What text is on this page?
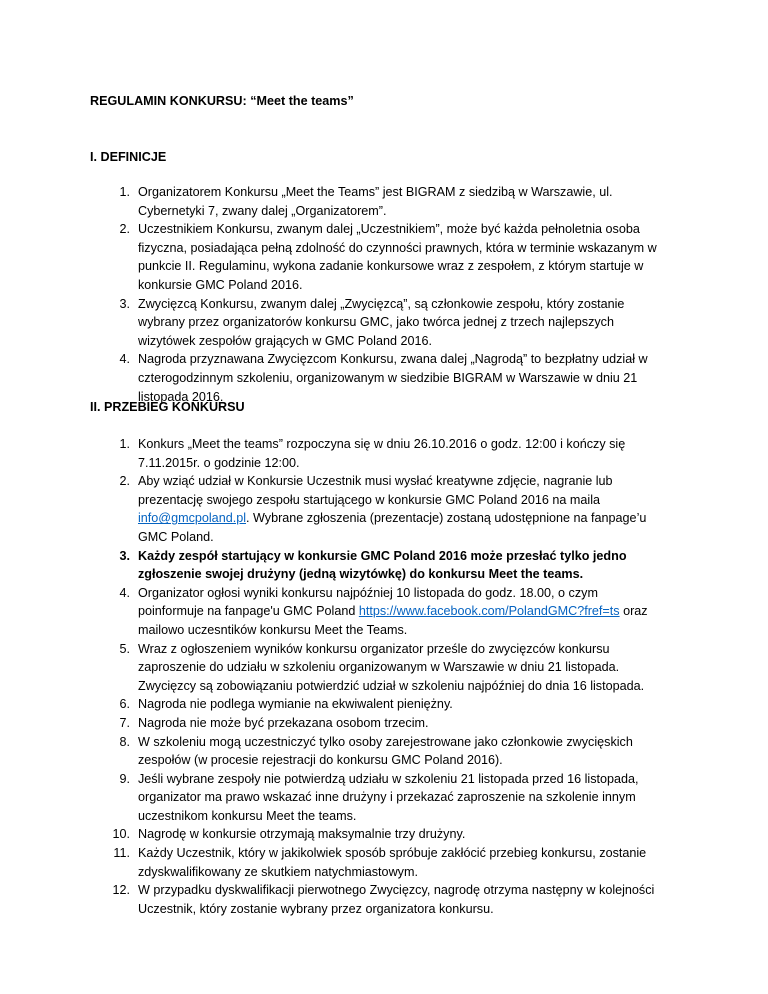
REGULAMIN KONKURSU: “Meet the teams”

I. DEFINICJE

1. Organizatorem Konkursu „Meet the Teams” jest BIGRAM z siedzibą w Warszawie, ul.
Cybernetyki 7, zwany dalej „Organizatorem”.
2. Uczestnikiem Konkursu, zwanym dalej „Uczestnikiem”, może być każda pełnoletnia osoba
fizyczna, posiadająca pełną zdolność do czynności prawnych, która w terminie wskazanym w
punkcie II. Regulaminu, wykona zadanie konkursowe wraz z zespołem, z którym startuje w
konkursie GMC Poland 2016.
3. Zwycięzcą Konkursu, zwanym dalej „Zwycięzcą”, są członkowie zespołu, który zostanie
wybrany przez organizatorów konkursu GMC, jako twórca jednej z trzech najlepszych
wizytówek zespołów grających w GMC Poland 2016.
4. Nagroda przyznawana Zwycięzcom Konkursu, zwana dalej „Nagrodą” to bezpłatny udział w
czterogodzinnym szkoleniu, organizowanym w siedzibie BIGRAM w Warszawie w dniu 21
listopada 2016.

II. PRZEBIEG KONKURSU

1. Konkurs „Meet the teams” rozpoczyna się w dniu 26.10.2016 o godz. 12:00 i kończy się
7.11.2015r. o godzinie 12:00.
2. Aby wziąć udział w Konkursie Uczestnik musi wysłać kreatywne zdjęcie, nagranie lub
prezentację swojego zespołu startującego w konkursie GMC Poland 2016 na maila
info@gmcpoland.pl. Wybrane zgłoszenia (prezentacje) zostaną udostępnione na fanpage’u
GMC Poland.
3. Każdy zespół startujący w konkursie GMC Poland 2016 może przesłać tylko jedno
zgłoszenie swojej drużyny (jedną wizytówkę) do konkursu Meet the teams.
4. Organizator ogłosi wyniki konkursu najpóźniej 10 listopada do godz. 18.00, o czym
poinformuje na fanpage'u GMC Poland https://www.facebook.com/PolandGMC?fref=ts oraz
mailowo uczesntików konkursu Meet the Teams.
5. Wraz z ogłoszeniem wyników konkursu organizator prześle do zwycięzców konkursu
zaproszenie do udziału w szkoleniu organizowanym w Warszawie w dniu 21 listopada.
Zwycięzcy są zobowiązaniu potwierdzić udział w szkoleniu najpóźniej do dnia 16 listopada.
6. Nagroda nie podlega wymianie na ekwiwalent pieniężny.
7. Nagroda nie może być przekazana osobom trzecim.
8. W szkoleniu mogą uczestniczyć tylko osoby zarejestrowane jako członkowie zwycięskich
zespołów (w procesie rejestracji do konkursu GMC Poland 2016).
9. Jeśli wybrane zespoły nie potwierdzą udziału w szkoleniu 21 listopada przed 16 listopada,
organizator ma prawo wskazać inne drużyny i przekazać zaproszenie na szkolenie innym
uczestnikom konkursu Meet the teams.
10. Nagrodę w konkursie otrzymają maksymalnie trzy drużyny.
11. Każdy Uczestnik, który w jakikolwiek sposób spróbuje zakłócić przebieg konkursu, zostanie
zdyskwalifikowany ze skutkiem natychmiastowym.
12. W przypadku dyskwalifikacji pierwotnego Zwycięzcy, nagrodę otrzyma następny w kolejności
Uczestnik, który zostanie wybrany przez organizatora konkursu.
